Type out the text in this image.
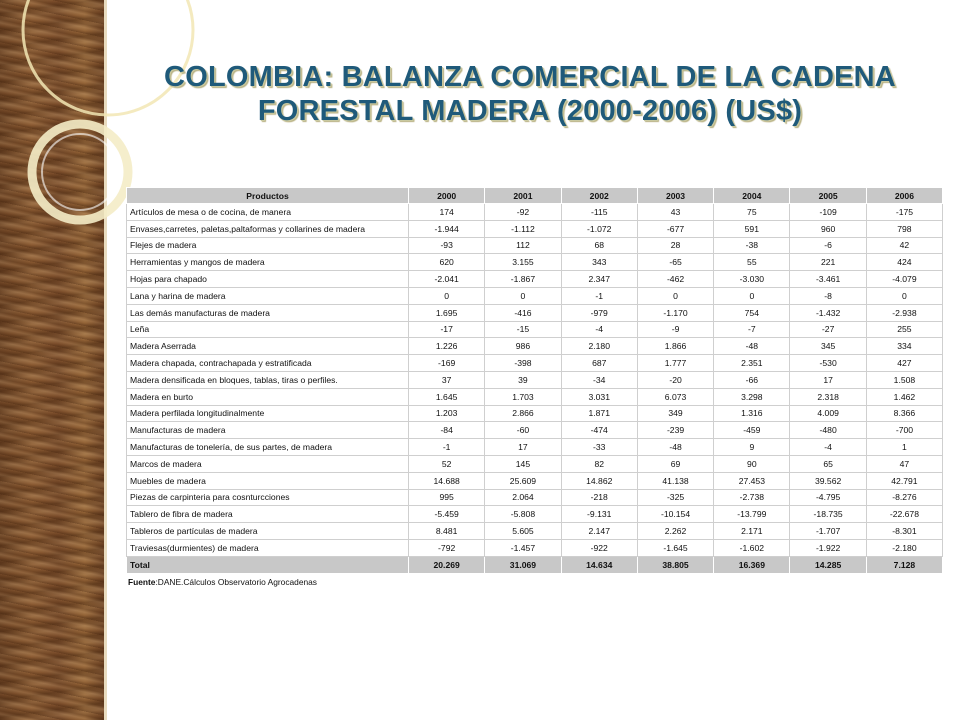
COLOMBIA: BALANZA COMERCIAL DE LA CADENA
FORESTAL MADERA (2000-2006) (US$)
Productos	2000	2001	2002	2003	2004	2005	2006
Artículos de mesa o de cocina, de manera	174	-92	-115	43	75	-109	-175
Envases,carretes, paletas,paltaformas y collarines de madera	-1.944	-1.112	-1.072	-677	591	960	798
Flejes de madera	-93	112	68	28	-38	-6	42
Herramientas y mangos de madera	620	3.155	343	-65	55	221	424
Hojas para chapado	-2.041	-1.867	2.347	-462	-3.030	-3.461	-4.079
Lana y harina de madera	0	0	-1	0	0	-8	0
Las demás manufacturas de madera	1.695	-416	-979	-1.170	754	-1.432	-2.938
Leña	-17	-15	-4	-9	-7	-27	255
Madera Aserrada	1.226	986	2.180	1.866	-48	345	334
Madera chapada, contrachapada y estratificada	-169	-398	687	1.777	2.351	-530	427
Madera densificada en bloques, tablas, tiras o perfiles.	37	39	-34	-20	-66	17	1.508
Madera en burto	1.645	1.703	3.031	6.073	3.298	2.318	1.462
Madera perfilada longitudinalmente	1.203	2.866	1.871	349	1.316	4.009	8.366
Manufacturas de madera	-84	-60	-474	-239	-459	-480	-700
Manufacturas de tonelería, de sus partes, de madera	-1	17	-33	-48	9	-4	1
Marcos de madera	52	145	82	69	90	65	47
Muebles de madera	14.688	25.609	14.862	41.138	27.453	39.562	42.791
Piezas de carpinteria para cosnturcciones	995	2.064	-218	-325	-2.738	-4.795	-8.276
Tablero de fibra de madera	-5.459	-5.808	-9.131	-10.154	-13.799	-18.735	-22.678
Tableros de partículas de madera	8.481	5.605	2.147	2.262	2.171	-1.707	-8.301
Traviesas(durmientes) de madera	-792	-1.457	-922	-1.645	-1.602	-1.922	-2.180
Total	20.269	31.069	14.634	38.805	16.369	14.285	7.128
Fuente:DANE.Cálculos Observatorio Agrocadenas
